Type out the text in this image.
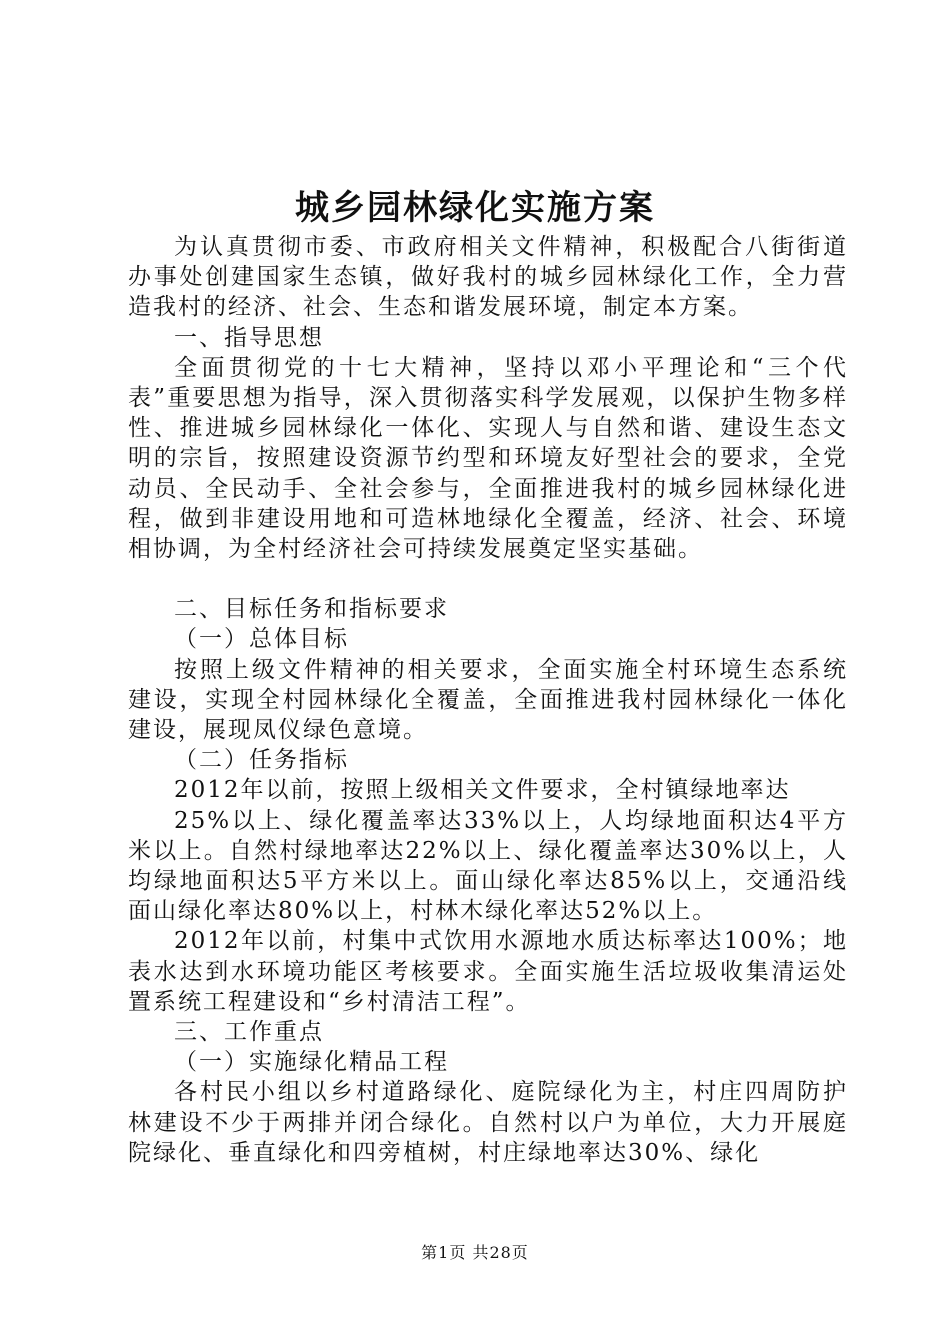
城乡园林绿化实施方案

为认真贯彻市委、市政府相关文件精神，积极配合八街街道办事处创建国家生态镇，做好我村的城乡园林绿化工作，全力营造我村的经济、社会、生态和谐发展环境，制定本方案。

一、指导思想

全面贯彻党的十七大精神，坚持以邓小平理论和“三个代表”重要思想为指导，深入贯彻落实科学发展观，以保护生物多样性、推进城乡园林绿化一体化、实现人与自然和谐、建设生态文明的宗旨，按照建设资源节约型和环境友好型社会的要求，全党动员、全民动手、全社会参与，全面推进我村的城乡园林绿化进程，做到非建设用地和可造林地绿化全覆盖，经济、社会、环境相协调，为全村经济社会可持续发展奠定坚实基础。

二、目标任务和指标要求

（一）总体目标

按照上级文件精神的相关要求，全面实施全村环境生态系统建设，实现全村园林绿化全覆盖，全面推进我村园林绿化一体化建设，展现凤仪绿色意境。

（二）任务指标

2012年以前，按照上级相关文件要求，全村镇绿地率达

25%以上、绿化覆盖率达33%以上，人均绿地面积达4平方米以上。自然村绿地率达22%以上、绿化覆盖率达30%以上，人均绿地面积达5平方米以上。面山绿化率达85%以上，交通沿线面山绿化率达80%以上，村林木绿化率达52%以上。

2012年以前，村集中式饮用水源地水质达标率达100%；地表水达到水环境功能区考核要求。全面实施生活垃圾收集清运处置系统工程建设和“乡村清洁工程”。

三、工作重点

（一）实施绿化精品工程

各村民小组以乡村道路绿化、庭院绿化为主，村庄四周防护林建设不少于两排并闭合绿化。自然村以户为单位，大力开展庭院绿化、垂直绿化和四旁植树，村庄绿地率达30%、绿化

第1页 共28页
